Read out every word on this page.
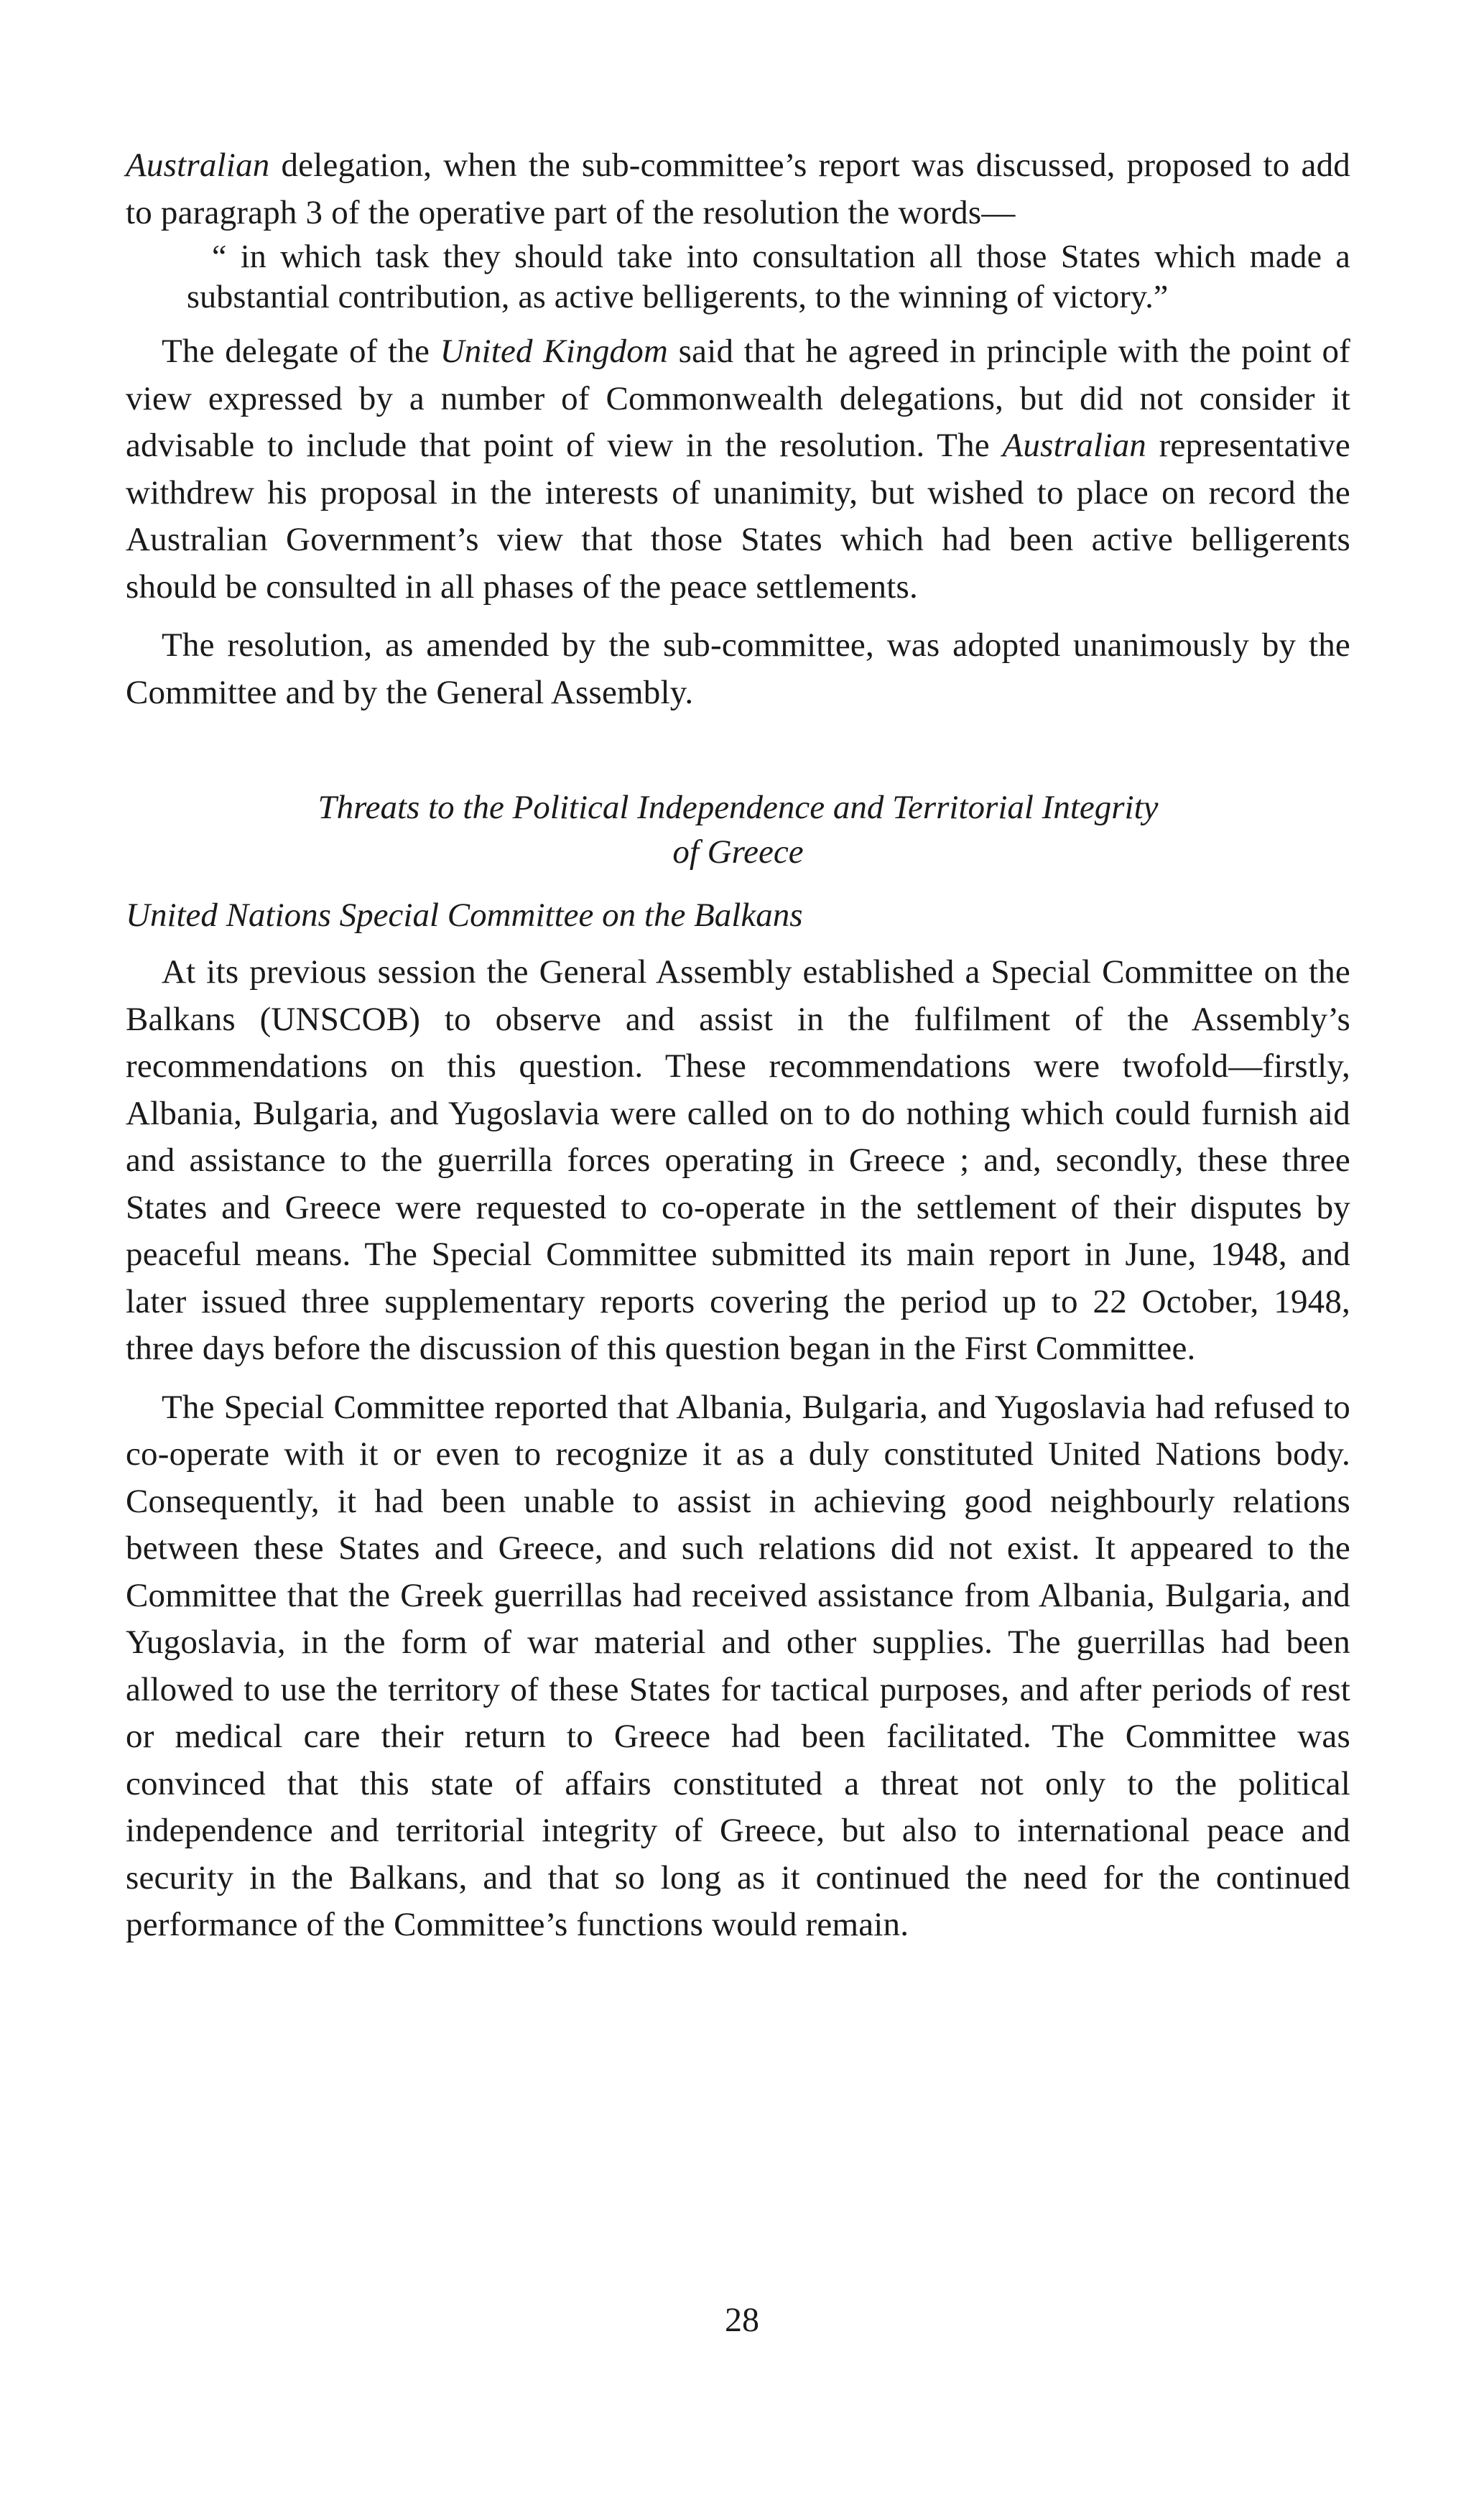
Australian delegation, when the sub-committee’s report was discussed, proposed to add to paragraph 3 of the operative part of the resolution the words—

“ in which task they should take into consultation all those States which made a substantial contribution, as active belligerents, to the winning of victory.”

The delegate of the United Kingdom said that he agreed in principle with the point of view expressed by a number of Commonwealth delegations, but did not consider it advisable to include that point of view in the resolution. The Australian representative withdrew his proposal in the interests of unanimity, but wished to place on record the Australian Government’s view that those States which had been active belligerents should be consulted in all phases of the peace settlements.

The resolution, as amended by the sub-committee, was adopted unanimously by the Committee and by the General Assembly.

Threats to the Political Independence and Territorial Integrity
of Greece
United Nations Special Committee on the Balkans

At its previous session the General Assembly established a Special Committee on the Balkans (UNSCOB) to observe and assist in the fulfilment of the Assembly’s recommendations on this question. These recommendations were twofold—firstly, Albania, Bulgaria, and Yugoslavia were called on to do nothing which could furnish aid and assistance to the guerrilla forces operating in Greece ; and, secondly, these three States and Greece were requested to co-operate in the settlement of their disputes by peaceful means. The Special Committee submitted its main report in June, 1948, and later issued three supplementary reports covering the period up to 22 October, 1948, three days before the discussion of this question began in the First Committee.

The Special Committee reported that Albania, Bulgaria, and Yugoslavia had refused to co-operate with it or even to recognize it as a duly constituted United Nations body. Consequently, it had been unable to assist in achieving good neighbourly relations between these States and Greece, and such relations did not exist. It appeared to the Committee that the Greek guerrillas had received assistance from Albania, Bulgaria, and Yugoslavia, in the form of war material and other supplies. The guerrillas had been allowed to use the territory of these States for tactical purposes, and after periods of rest or medical care their return to Greece had been facilitated. The Committee was convinced that this state of affairs constituted a threat not only to the political independence and territorial integrity of Greece, but also to international peace and security in the Balkans, and that so long as it continued the need for the continued performance of the Committee’s functions would remain.

28
